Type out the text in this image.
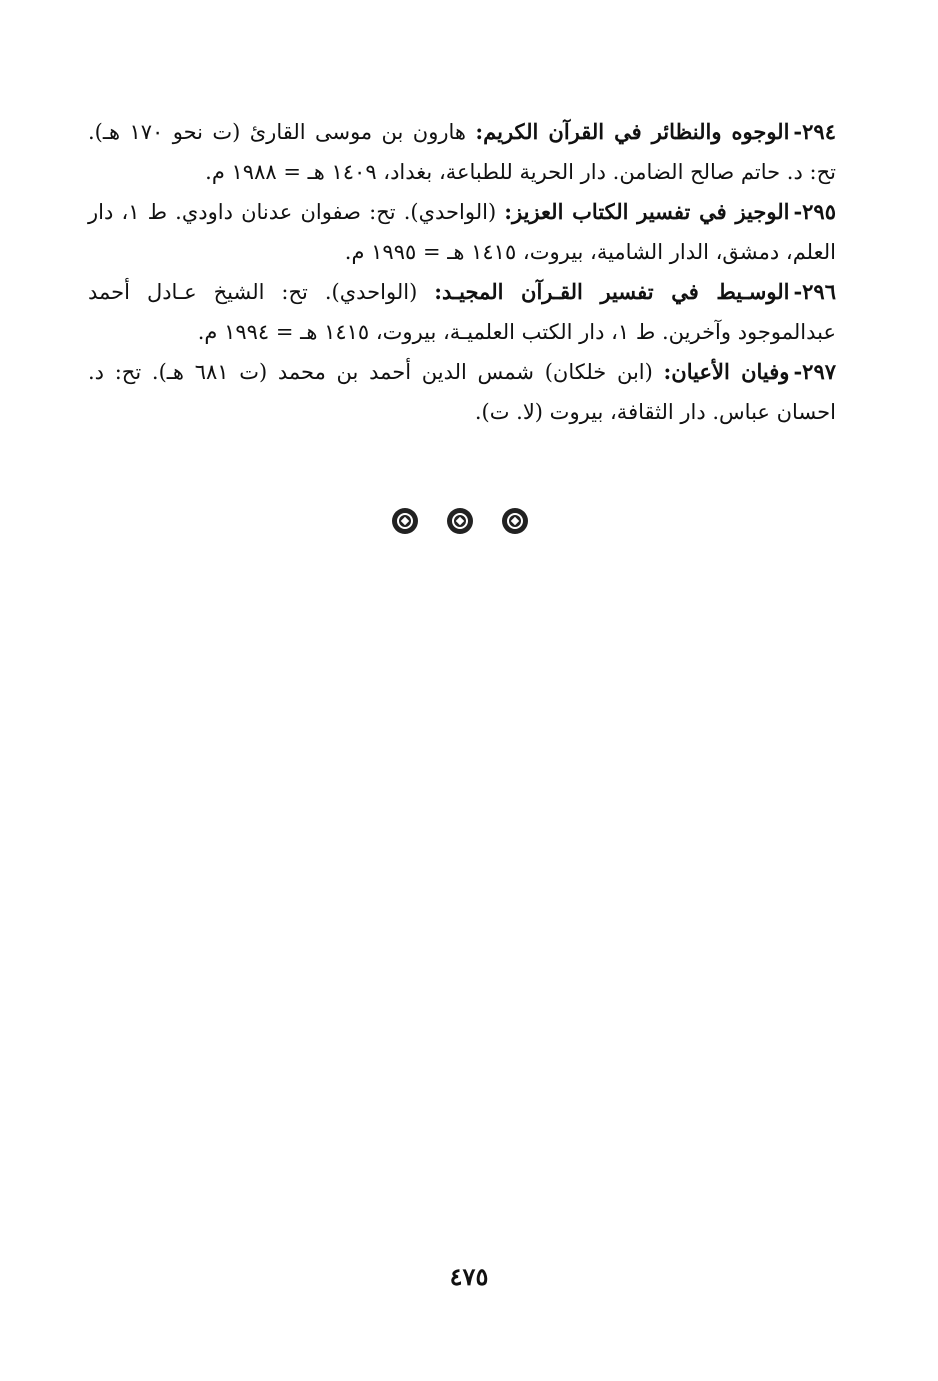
٢٩٤-الوجوه والنظائر في القرآن الكريم: هارون بن موسى القارئ (ت نحو ١٧٠ هـ). تح: د. حاتم صالح الضامن. دار الحرية للطباعة، بغداد، ١٤٠٩ هـ = ١٩٨٨ م.

٢٩٥-الوجيز في تفسير الكتاب العزيز: (الواحدي). تح: صفوان عدنان داودي. ط ١، دار العلم، دمشق، الدار الشامية، بيروت، ١٤١٥ هـ = ١٩٩٥ م.

٢٩٦-الوسـيط في تفسير القـرآن المجيـد: (الواحدي). تح: الشيخ عـادل أحمد عبدالموجود وآخرين. ط ١، دار الكتب العلميـة، بيروت، ١٤١٥ هـ = ١٩٩٤ م.

٢٩٧-وفيان الأعيان: (ابن خلكان) شمس الدين أحمد بن محمد (ت ٦٨١ هـ). تح: د. احسان عباس. دار الثقافة، بيروت (لا. ت).

٤٧٥
